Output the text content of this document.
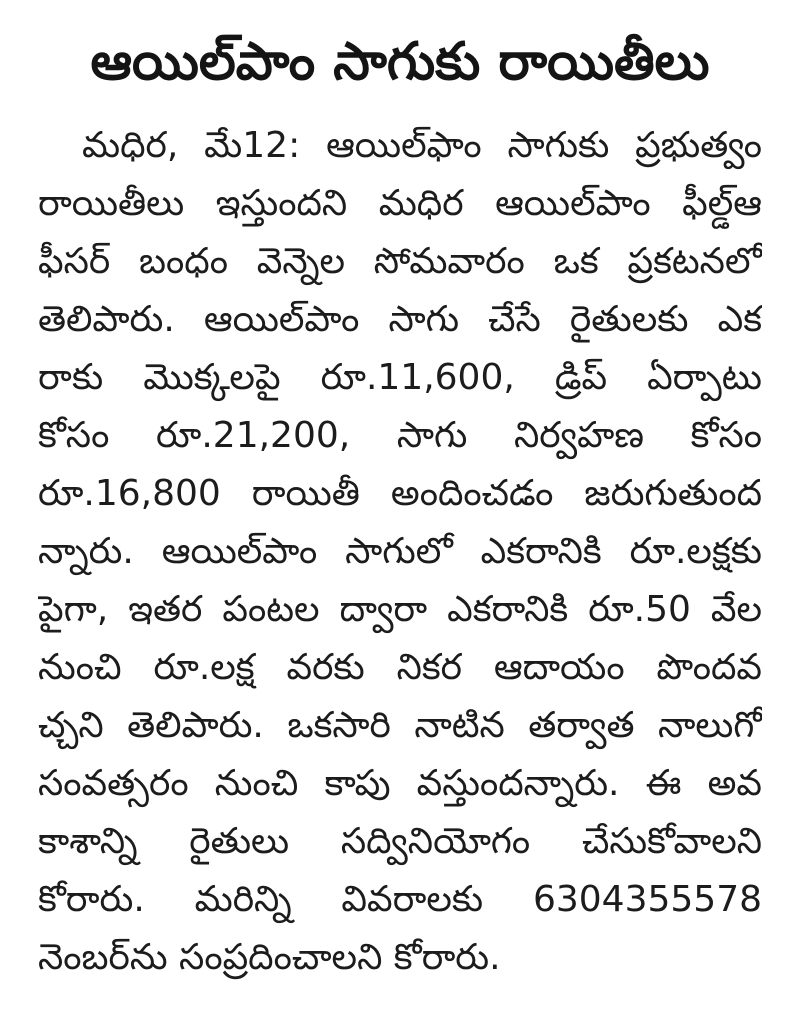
ఆయిల్‌పాం సాగుకు రాయితీలు
మధిర, మే12: ఆయిల్‌ఫాం సాగుకు ప్రభుత్వం
రాయితీలు ఇస్తుందని మధిర ఆయిల్‌పాం ఫీల్డ్‌ఆ
ఫీసర్ బంధం వెన్నెల సోమవారం ఒక ప్రకటనలో
తెలిపారు. ఆయిల్‌పాం సాగు చేసే రైతులకు ఎక
రాకు మొక్కలపై రూ.11,600, డ్రిప్ ఏర్పాటు
కోసం రూ.21,200, సాగు నిర్వహణ కోసం
రూ.16,800 రాయితీ అందించడం జరుగుతుంద
న్నారు. ఆయిల్‌పాం సాగులో ఎకరానికి రూ.లక్షకు
పైగా, ఇతర పంటల ద్వారా ఎకరానికి రూ.50 వేల
నుంచి రూ.లక్ష వరకు నికర ఆదాయం పొందవ
చ్చని తెలిపారు. ఒకసారి నాటిన తర్వాత నాలుగో
సంవత్సరం నుంచి కాపు వస్తుందన్నారు. ఈ అవ
కాశాన్ని రైతులు సద్వినియోగం చేసుకోవాలని
కోరారు. మరిన్ని వివరాలకు 6304355578
నెంబర్‌ను సంప్రదించాలని కోరారు.
